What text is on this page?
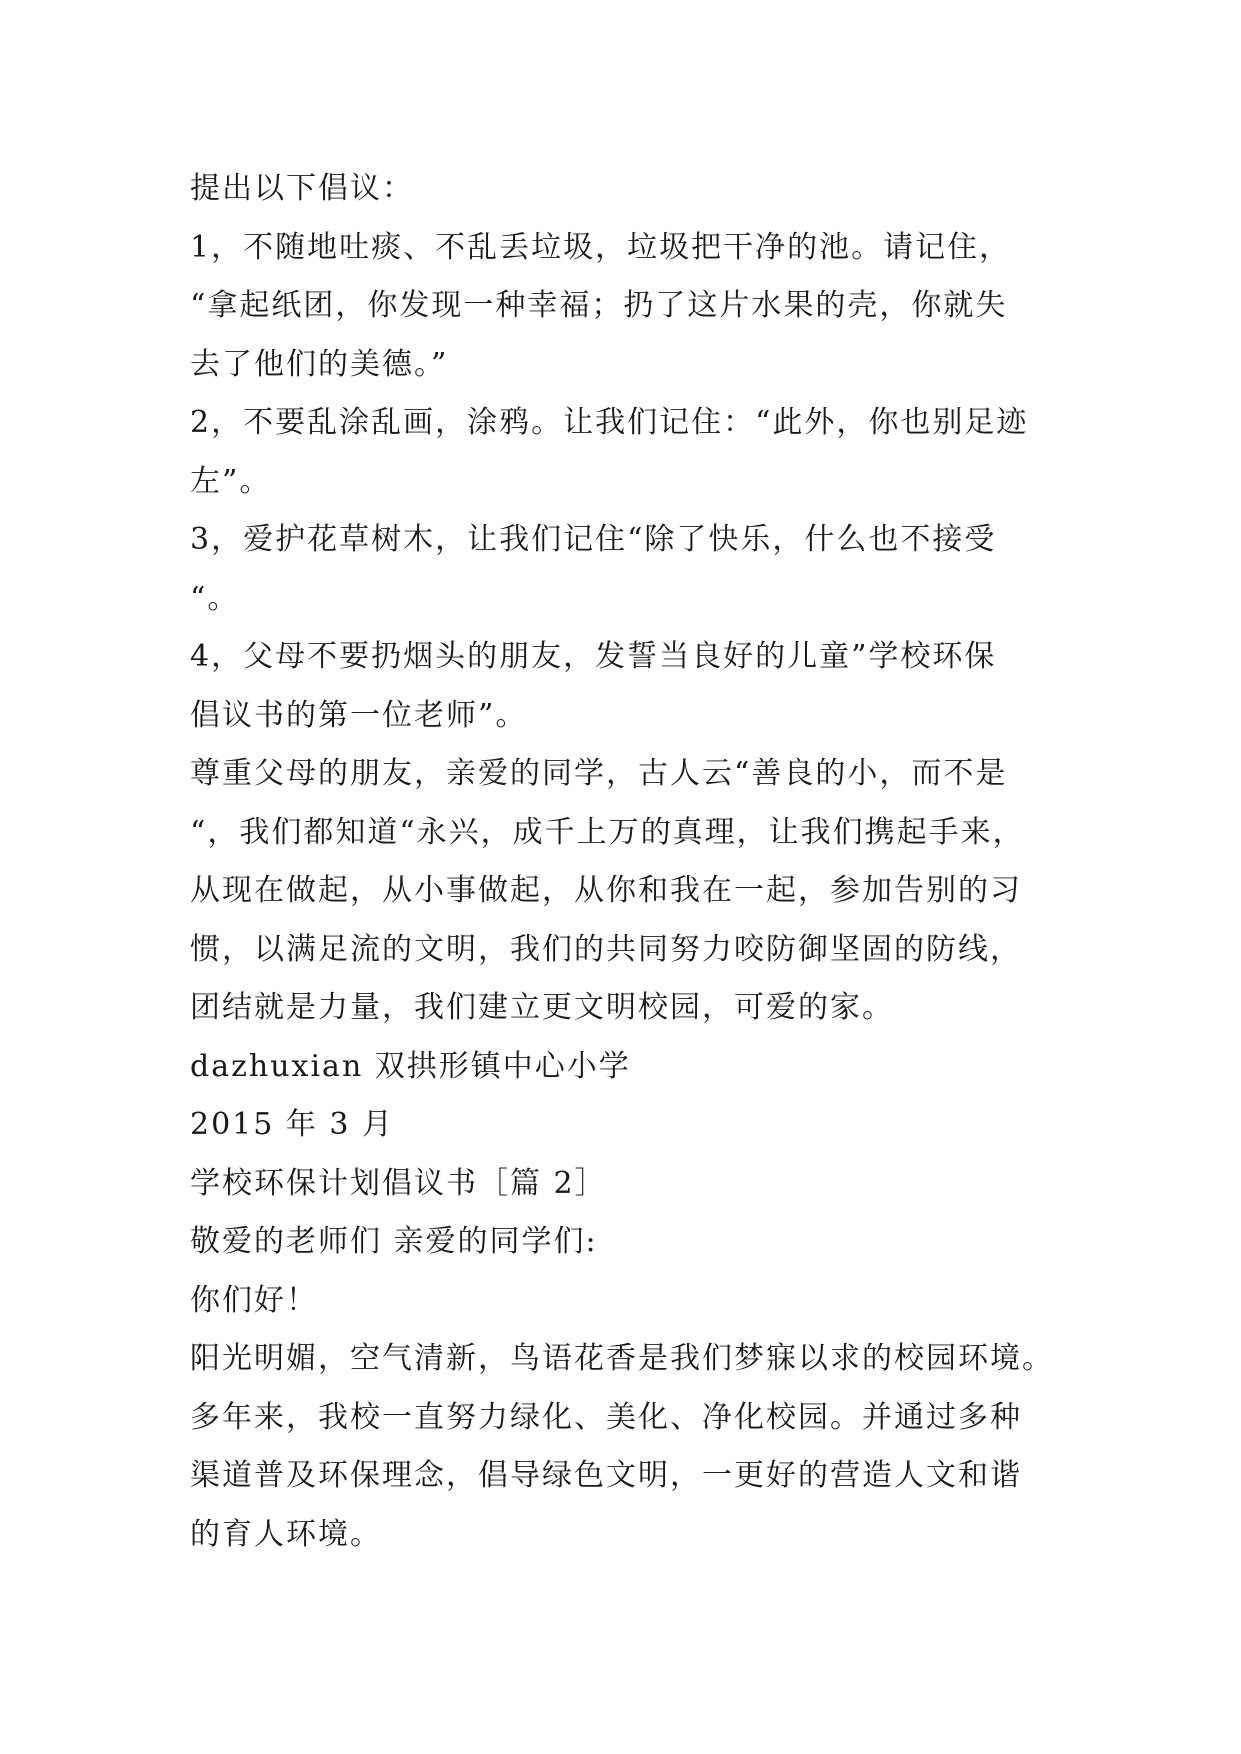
提出以下倡议：
1，不随地吐痰、不乱丢垃圾，垃圾把干净的池。请记住，
“拿起纸团，你发现一种幸福；扔了这片水果的壳，你就失
去了他们的美德。”
2，不要乱涂乱画，涂鸦。让我们记住：“此外，你也别足迹
左”。
3，爱护花草树木，让我们记住“除了快乐，什么也不接受
“。
4，父母不要扔烟头的朋友，发誓当良好的儿童”学校环保
倡议书的第一位老师”。
尊重父母的朋友，亲爱的同学，古人云“善良的小，而不是
“，我们都知道“永兴，成千上万的真理，让我们携起手来，
从现在做起，从小事做起，从你和我在一起，参加告别的习
惯，以满足流的文明，我们的共同努力咬防御坚固的防线，
团结就是力量，我们建立更文明校园，可爱的家。
dazhuxian 双拱形镇中心小学
2015 年 3 月
学校环保计划倡议书［篇 2］
敬爱的老师们 亲爱的同学们:
你们好！
阳光明媚，空气清新，鸟语花香是我们梦寐以求的校园环境。
多年来，我校一直努力绿化、美化、净化校园。并通过多种
渠道普及环保理念，倡导绿色文明，一更好的营造人文和谐
的育人环境。
